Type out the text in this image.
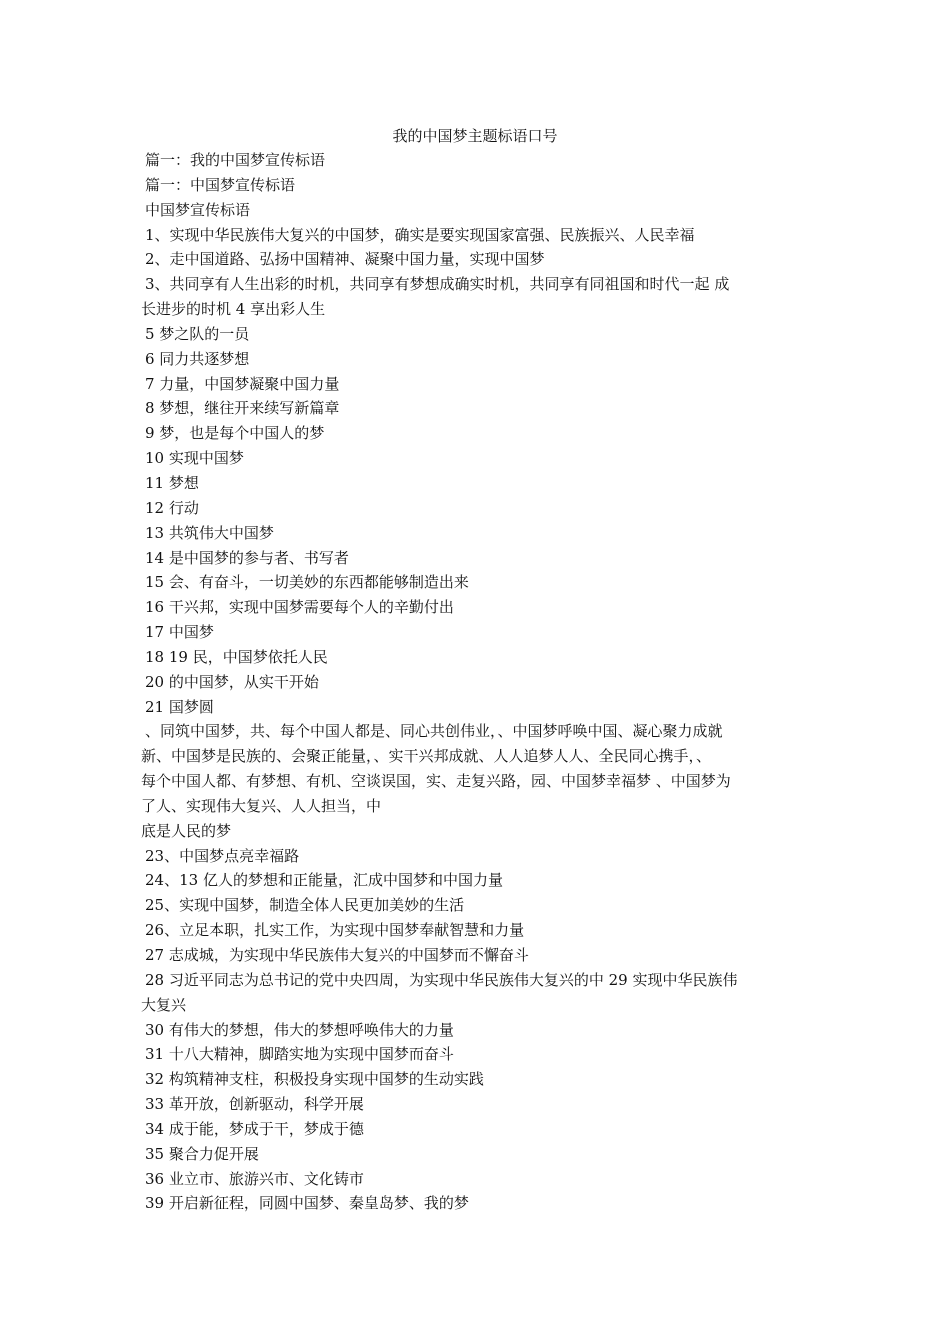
我的中国梦主题标语口号
篇一：我的中国梦宣传标语
篇一：中国梦宣传标语
中国梦宣传标语
1、实现中华民族伟大复兴的中国梦，确实是要实现国家富强、民族振兴、人民幸福
2、走中国道路、弘扬中国精神、凝聚中国力量，实现中国梦
3、共同享有人生出彩的时机，共同享有梦想成确实时机，共同享有同祖国和时代一起 成
长进步的时机 4 享出彩人生
5 梦之队的一员
6 同力共逐梦想
7 力量，中国梦凝聚中国力量
8 梦想，继往开来续写新篇章
9 梦，也是每个中国人的梦
10 实现中国梦
11 梦想
12 行动
13 共筑伟大中国梦
14 是中国梦的参与者、书写者
15 会、有奋斗，一切美妙的东西都能够制造出来
16 干兴邦，实现中国梦需要每个人的辛勤付出
17 中国梦
18 19 民，中国梦依托人民
20 的中国梦，从实干开始
21 国梦圆
、同筑中国梦，共、每个中国人都是、同心共创伟业，、中国梦呼唤中国、凝心聚力成就
新、中国梦是民族的、会聚正能量，、实干兴邦成就、人人追梦人人、全民同心携手，、
每个中国人都、有梦想、有机、空谈误国，实、走复兴路，园、中国梦幸福梦 、中国梦为
了人、实现伟大复兴、人人担当，中
底是人民的梦
23、中国梦点亮幸福路
24、13 亿人的梦想和正能量，汇成中国梦和中国力量
25、实现中国梦，制造全体人民更加美妙的生活
26、立足本职，扎实工作，为实现中国梦奉献智慧和力量
27 志成城，为实现中华民族伟大复兴的中国梦而不懈奋斗
28 习近平同志为总书记的党中央四周，为实现中华民族伟大复兴的中 29 实现中华民族伟
大复兴
30 有伟大的梦想，伟大的梦想呼唤伟大的力量
31 十八大精神，脚踏实地为实现中国梦而奋斗
32 构筑精神支柱，积极投身实现中国梦的生动实践
33 革开放，创新驱动，科学开展
34 成于能，梦成于干，梦成于德
35 聚合力促开展
36 业立市、旅游兴市、文化铸市
39 开启新征程，同圆中国梦、秦皇岛梦、我的梦
